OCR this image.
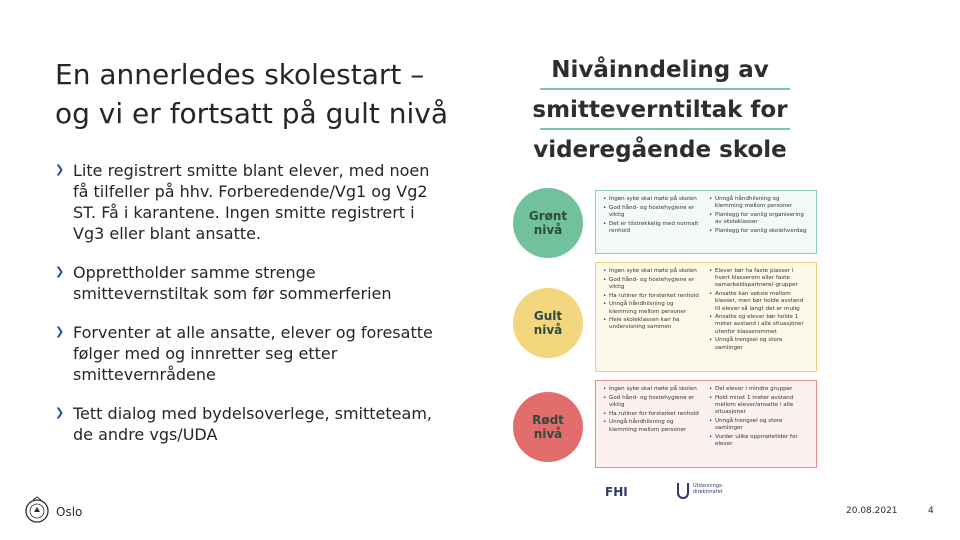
En annerledes skolestart –
og vi er fortsatt på gult nivå
❯ Lite registrert smitte blant elever, med noen
få tilfeller på hhv. Forberedende/Vg1 og Vg2
ST. Få i karantene. Ingen smitte registrert i
Vg3 eller blant ansatte.
❯ Opprettholder samme strenge
smittevernstiltak som før sommerferien
❯ Forventer at alle ansatte, elever og foresatte
følger med og innretter seg etter
smittevernrådene
❯ Tett dialog med bydelsoverlege, smitteteam,
de andre vgs/UDA
Nivåinndeling av
smitteverntiltak for
videregående skole
Grønt
nivå
• Ingen syke skal møte på skolen
• God hånd- og hostehygiene er viktig
• Det er tilstrekkelig med normalt renhold
• Unngå håndhilsning og klemming mellom personer
• Planlegg for vanlig organisering av skoleklasser
• Planlegg for vanlig skolehverdag
Gult
nivå
• Ingen syke skal møte på skolen
• God hånd- og hostehygiene er viktig
• Ha rutiner for forsterket renhold
• Unngå håndhilsning og klemming mellom personer
• Hele skoleklassen kan ha undervisning sammen
• Elever bør ha faste plasser i hvert klasserom eller faste samarbeidspartnere/-grupper
• Ansatte kan veksle mellom klasser, men bør holde avstand til elever så langt det er mulig
• Ansatte og elever bør holde 1 meter avstand i alle situasjoner utenfor klasserommet
• Unngå trengsel og store samlinger
Rødt
nivå
• Ingen syke skal møte på skolen
• God hånd- og hostehygiene er viktig
• Ha rutiner for forsterket renhold
• Unngå håndhilsning og klemming mellom personer
• Del elever i mindre grupper
• Hold minst 1 meter avstand mellom elever/ansatte i alle situasjoner
• Unngå trengsel og store samlinger
• Vurder ulike oppmøtetider for elever
FHI	Utdannings-
direktoratet
Oslo	20.08.2021	4
